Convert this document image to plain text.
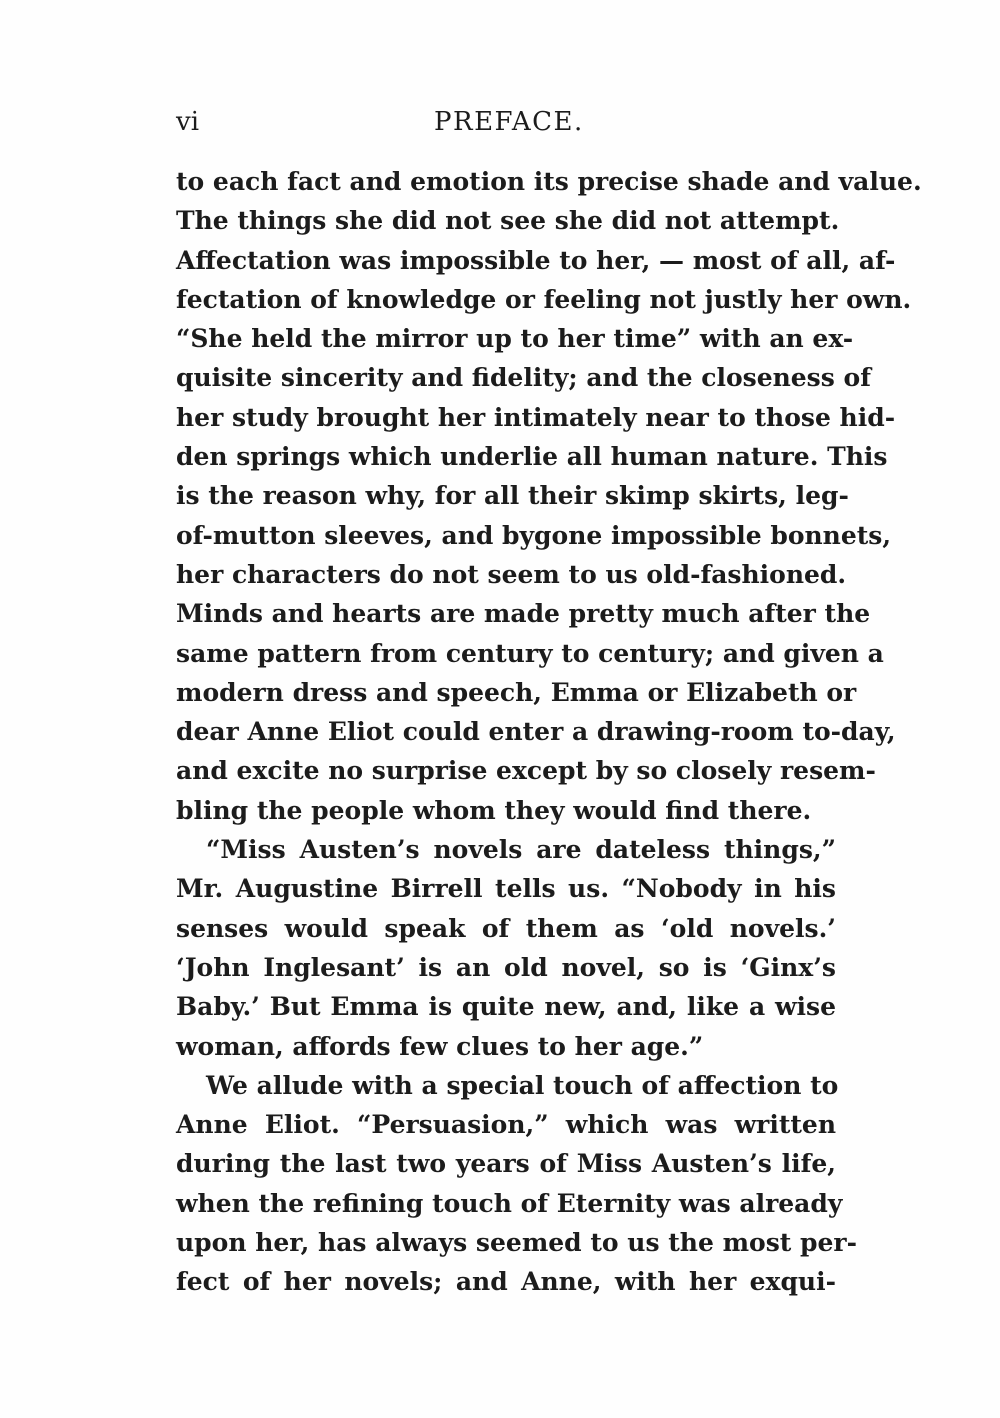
vi	PREFACE.
to each fact and emotion its precise shade and value.
The things she did not see she did not attempt.
Affectation was impossible to her, — most of all, af-
fectation of knowledge or feeling not justly her own.
“She held the mirror up to her time” with an ex-
quisite sincerity and fidelity; and the closeness of
her study brought her intimately near to those hid-
den springs which underlie all human nature. This
is the reason why, for all their skimp skirts, leg-
of-mutton sleeves, and bygone impossible bonnets,
her characters do not seem to us old-fashioned.
Minds and hearts are made pretty much after the
same pattern from century to century; and given a
modern dress and speech, Emma or Elizabeth or
dear Anne Eliot could enter a drawing-room to-day,
and excite no surprise except by so closely resem-
bling the people whom they would find there.
“Miss Austen’s novels are dateless things,”
Mr. Augustine Birrell tells us. “Nobody in his
senses would speak of them as ‘old novels.’
‘John Inglesant’ is an old novel, so is ‘Ginx’s
Baby.’ But Emma is quite new, and, like a wise
woman, affords few clues to her age.”
We allude with a special touch of affection to
Anne Eliot. “Persuasion,” which was written
during the last two years of Miss Austen’s life,
when the refining touch of Eternity was already
upon her, has always seemed to us the most per-
fect of her novels; and Anne, with her exqui-
